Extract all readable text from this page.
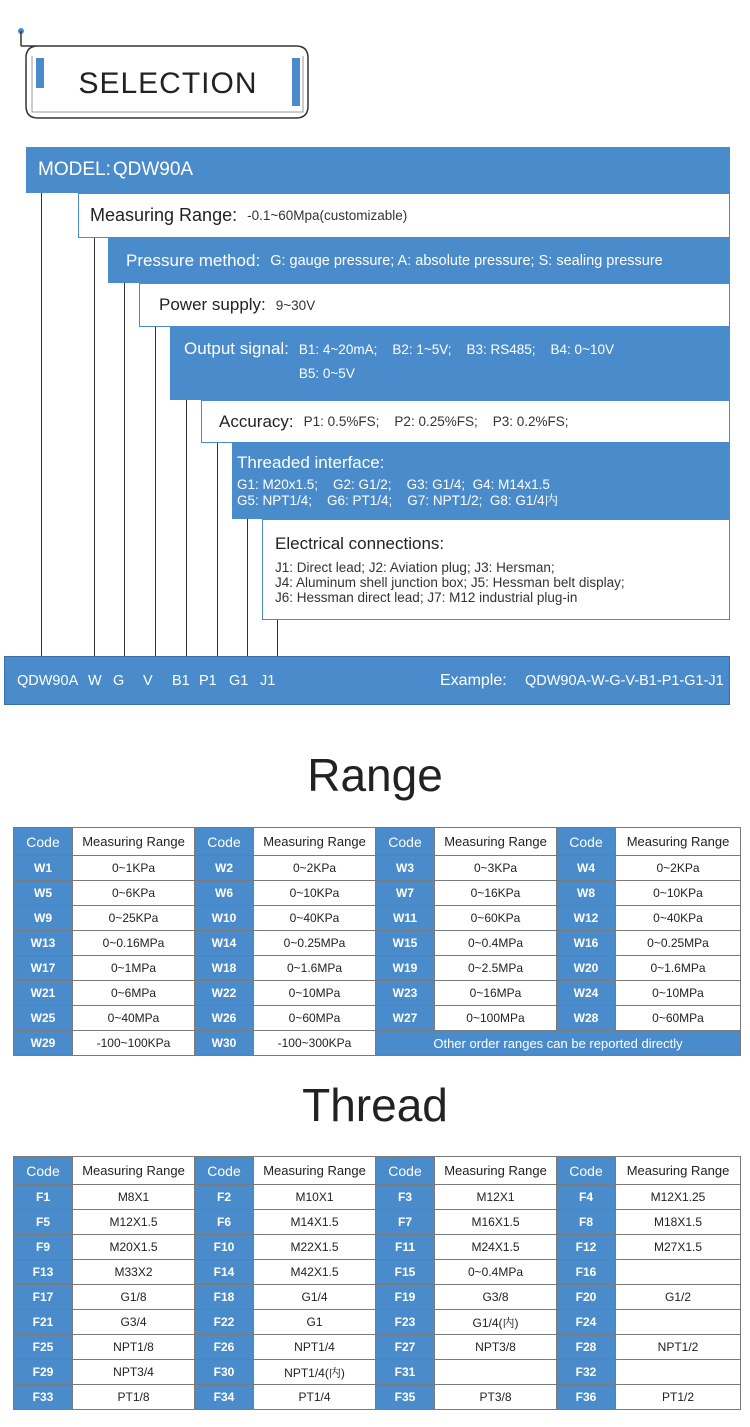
SELECTION
MODEL: QDW90A
Measuring Range: -0.1~60Mpa(customizable)
Pressure method: G: gauge pressure; A: absolute pressure; S: sealing pressure
Power supply: 9~30V
Output signal: B1: 4~20mA;    B2: 1~5V;    B3: RS485;    B4: 0~10V
B5: 0~5V
Accuracy: P1: 0.5%FS;    P2: 0.25%FS;    P3: 0.2%FS;
Threaded interface:
G1: M20x1.5;    G2: G1/2;    G3: G1/4;  G4: M14x1.5
G5: NPT1/4;    G6: PT1/4;    G7: NPT1/2;  G8: G1/4内
Electrical connections:
J1: Direct lead; J2: Aviation plug; J3: Hersman;
J4: Aluminum shell junction box; J5: Hessman belt display;
J6: Hessman direct lead; J7: M12 industrial plug-in
QDW90A W G V B1 P1 G1 J1	Example: QDW90A-W-G-V-B1-P1-G1-J1
Range
Code	Measuring Range	Code	Measuring Range	Code	Measuring Range	Code	Measuring Range
W1	0~1KPa	W2	0~2KPa	W3	0~3KPa	W4	0~2KPa
W5	0~6KPa	W6	0~10KPa	W7	0~16KPa	W8	0~10KPa
W9	0~25KPa	W10	0~40KPa	W11	0~60KPa	W12	0~40KPa
W13	0~0.16MPa	W14	0~0.25MPa	W15	0~0.4MPa	W16	0~0.25MPa
W17	0~1MPa	W18	0~1.6MPa	W19	0~2.5MPa	W20	0~1.6MPa
W21	0~6MPa	W22	0~10MPa	W23	0~16MPa	W24	0~10MPa
W25	0~40MPa	W26	0~60MPa	W27	0~100MPa	W28	0~60MPa
W29	-100~100KPa	W30	-100~300KPa	Other order ranges can be reported directly			
Thread
Code	Measuring Range	Code	Measuring Range	Code	Measuring Range	Code	Measuring Range
F1	M8X1	F2	M10X1	F3	M12X1	F4	M12X1.25
F5	M12X1.5	F6	M14X1.5	F7	M16X1.5	F8	M18X1.5
F9	M20X1.5	F10	M22X1.5	F11	M24X1.5	F12	M27X1.5
F13	M33X2	F14	M42X1.5	F15	0~0.4MPa	F16	
F17	G1/8	F18	G1/4	F19	G3/8	F20	G1/2
F21	G3/4	F22	G1	F23	G1/4(内)	F24	
F25	NPT1/8	F26	NPT1/4	F27	NPT3/8	F28	NPT1/2
F29	NPT3/4	F30	NPT1/4(内)	F31		F32	
F33	PT1/8	F34	PT1/4	F35	PT3/8	F36	PT1/2
